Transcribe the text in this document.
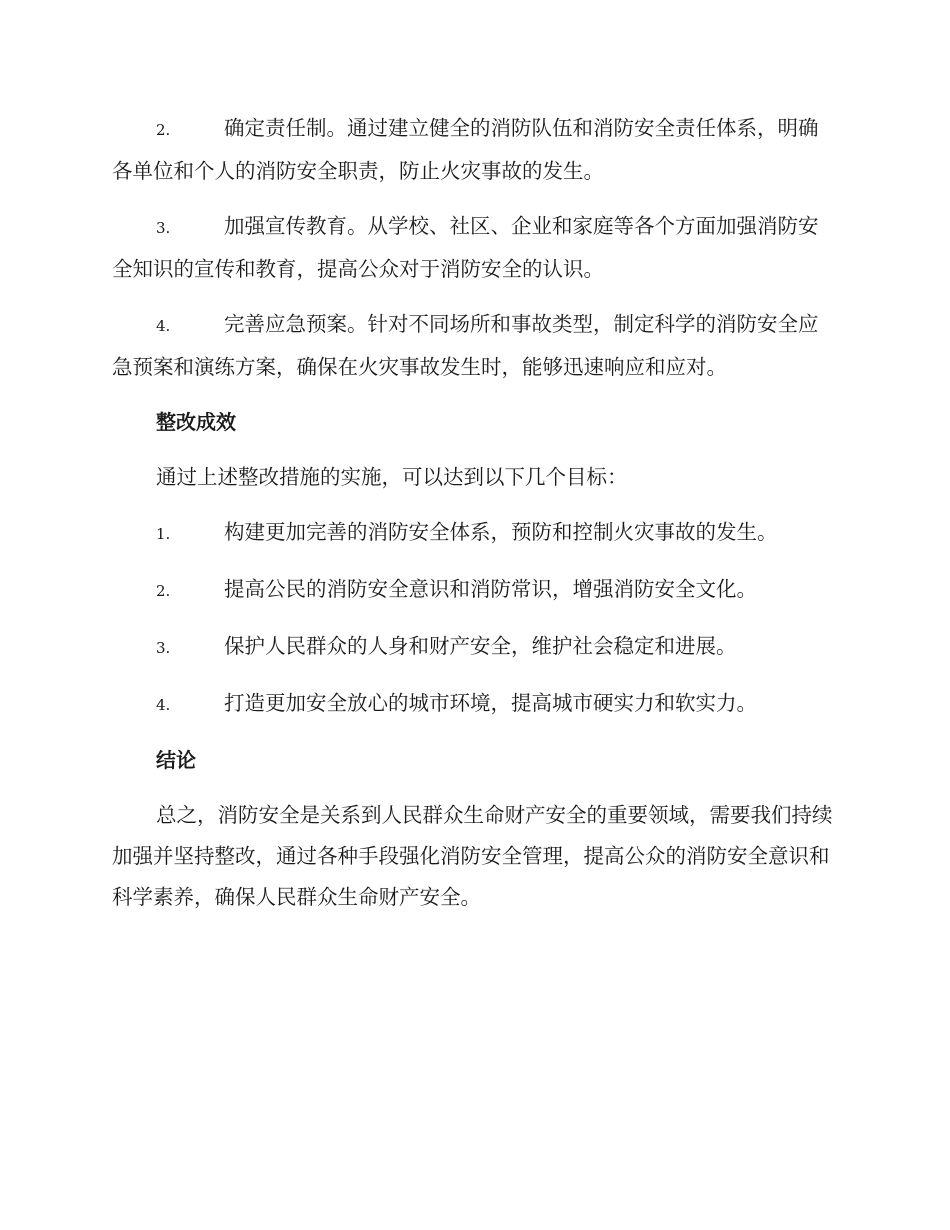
2.	确定责任制。通过建立健全的消防队伍和消防安全责任体系，明确各单位和个人的消防安全职责，防止火灾事故的发生。

3.	加强宣传教育。从学校、社区、企业和家庭等各个方面加强消防安全知识的宣传和教育，提高公众对于消防安全的认识。

4.	完善应急预案。针对不同场所和事故类型，制定科学的消防安全应急预案和演练方案，确保在火灾事故发生时，能够迅速响应和应对。

整改成效

通过上述整改措施的实施，可以达到以下几个目标：

1.	构建更加完善的消防安全体系，预防和控制火灾事故的发生。

2.	提高公民的消防安全意识和消防常识，增强消防安全文化。

3.	保护人民群众的人身和财产安全，维护社会稳定和进展。

4.	打造更加安全放心的城市环境，提高城市硬实力和软实力。

结论

总之，消防安全是关系到人民群众生命财产安全的重要领域，需要我们持续加强并坚持整改，通过各种手段强化消防安全管理，提高公众的消防安全意识和科学素养，确保人民群众生命财产安全。
